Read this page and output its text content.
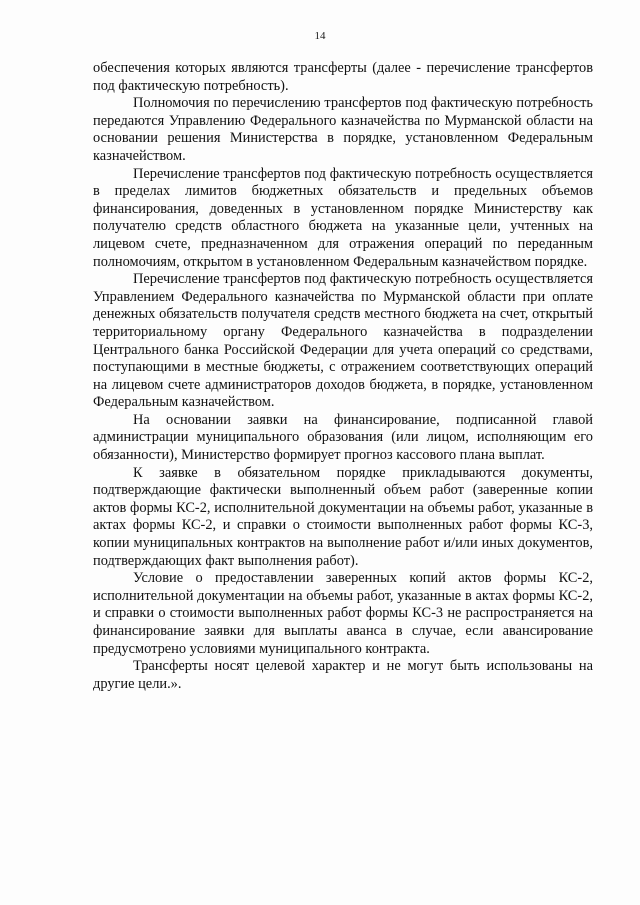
14

обеспечения которых являются трансферты (далее - перечисление трансфертов под фактическую потребность).

Полномочия по перечислению трансфертов под фактическую потребность передаются Управлению Федерального казначейства по Мурманской области на основании решения Министерства в порядке, установленном Федеральным казначейством.

Перечисление трансфертов под фактическую потребность осуществляется в пределах лимитов бюджетных обязательств и предельных объемов финансирования, доведенных в установленном порядке Министерству как получателю средств областного бюджета на указанные цели, учтенных на лицевом счете, предназначенном для отражения операций по переданным полномочиям, открытом в установленном Федеральным казначейством порядке.

Перечисление трансфертов под фактическую потребность осуществляется Управлением Федерального казначейства по Мурманской области при оплате денежных обязательств получателя средств местного бюджета на счет, открытый территориальному органу Федерального казначейства в подразделении Центрального банка Российской Федерации для учета операций со средствами, поступающими в местные бюджеты, с отражением соответствующих операций на лицевом счете администраторов доходов бюджета, в порядке, установленном Федеральным казначейством.

На основании заявки на финансирование, подписанной главой администрации муниципального образования (или лицом, исполняющим его обязанности), Министерство формирует прогноз кассового плана выплат.

К заявке в обязательном порядке прикладываются документы, подтверждающие фактически выполненный объем работ (заверенные копии актов формы КС-2, исполнительной документации на объемы работ, указанные в актах формы КС-2, и справки о стоимости выполненных работ формы КС-3, копии муниципальных контрактов на выполнение работ и/или иных документов, подтверждающих факт выполнения работ).

Условие о предоставлении заверенных копий актов формы КС-2, исполнительной документации на объемы работ, указанные в актах формы КС-2, и справки о стоимости выполненных работ формы КС-3 не распространяется на финансирование заявки для выплаты аванса в случае, если авансирование предусмотрено условиями муниципального контракта.

Трансферты носят целевой характер и не могут быть использованы на другие цели.».
